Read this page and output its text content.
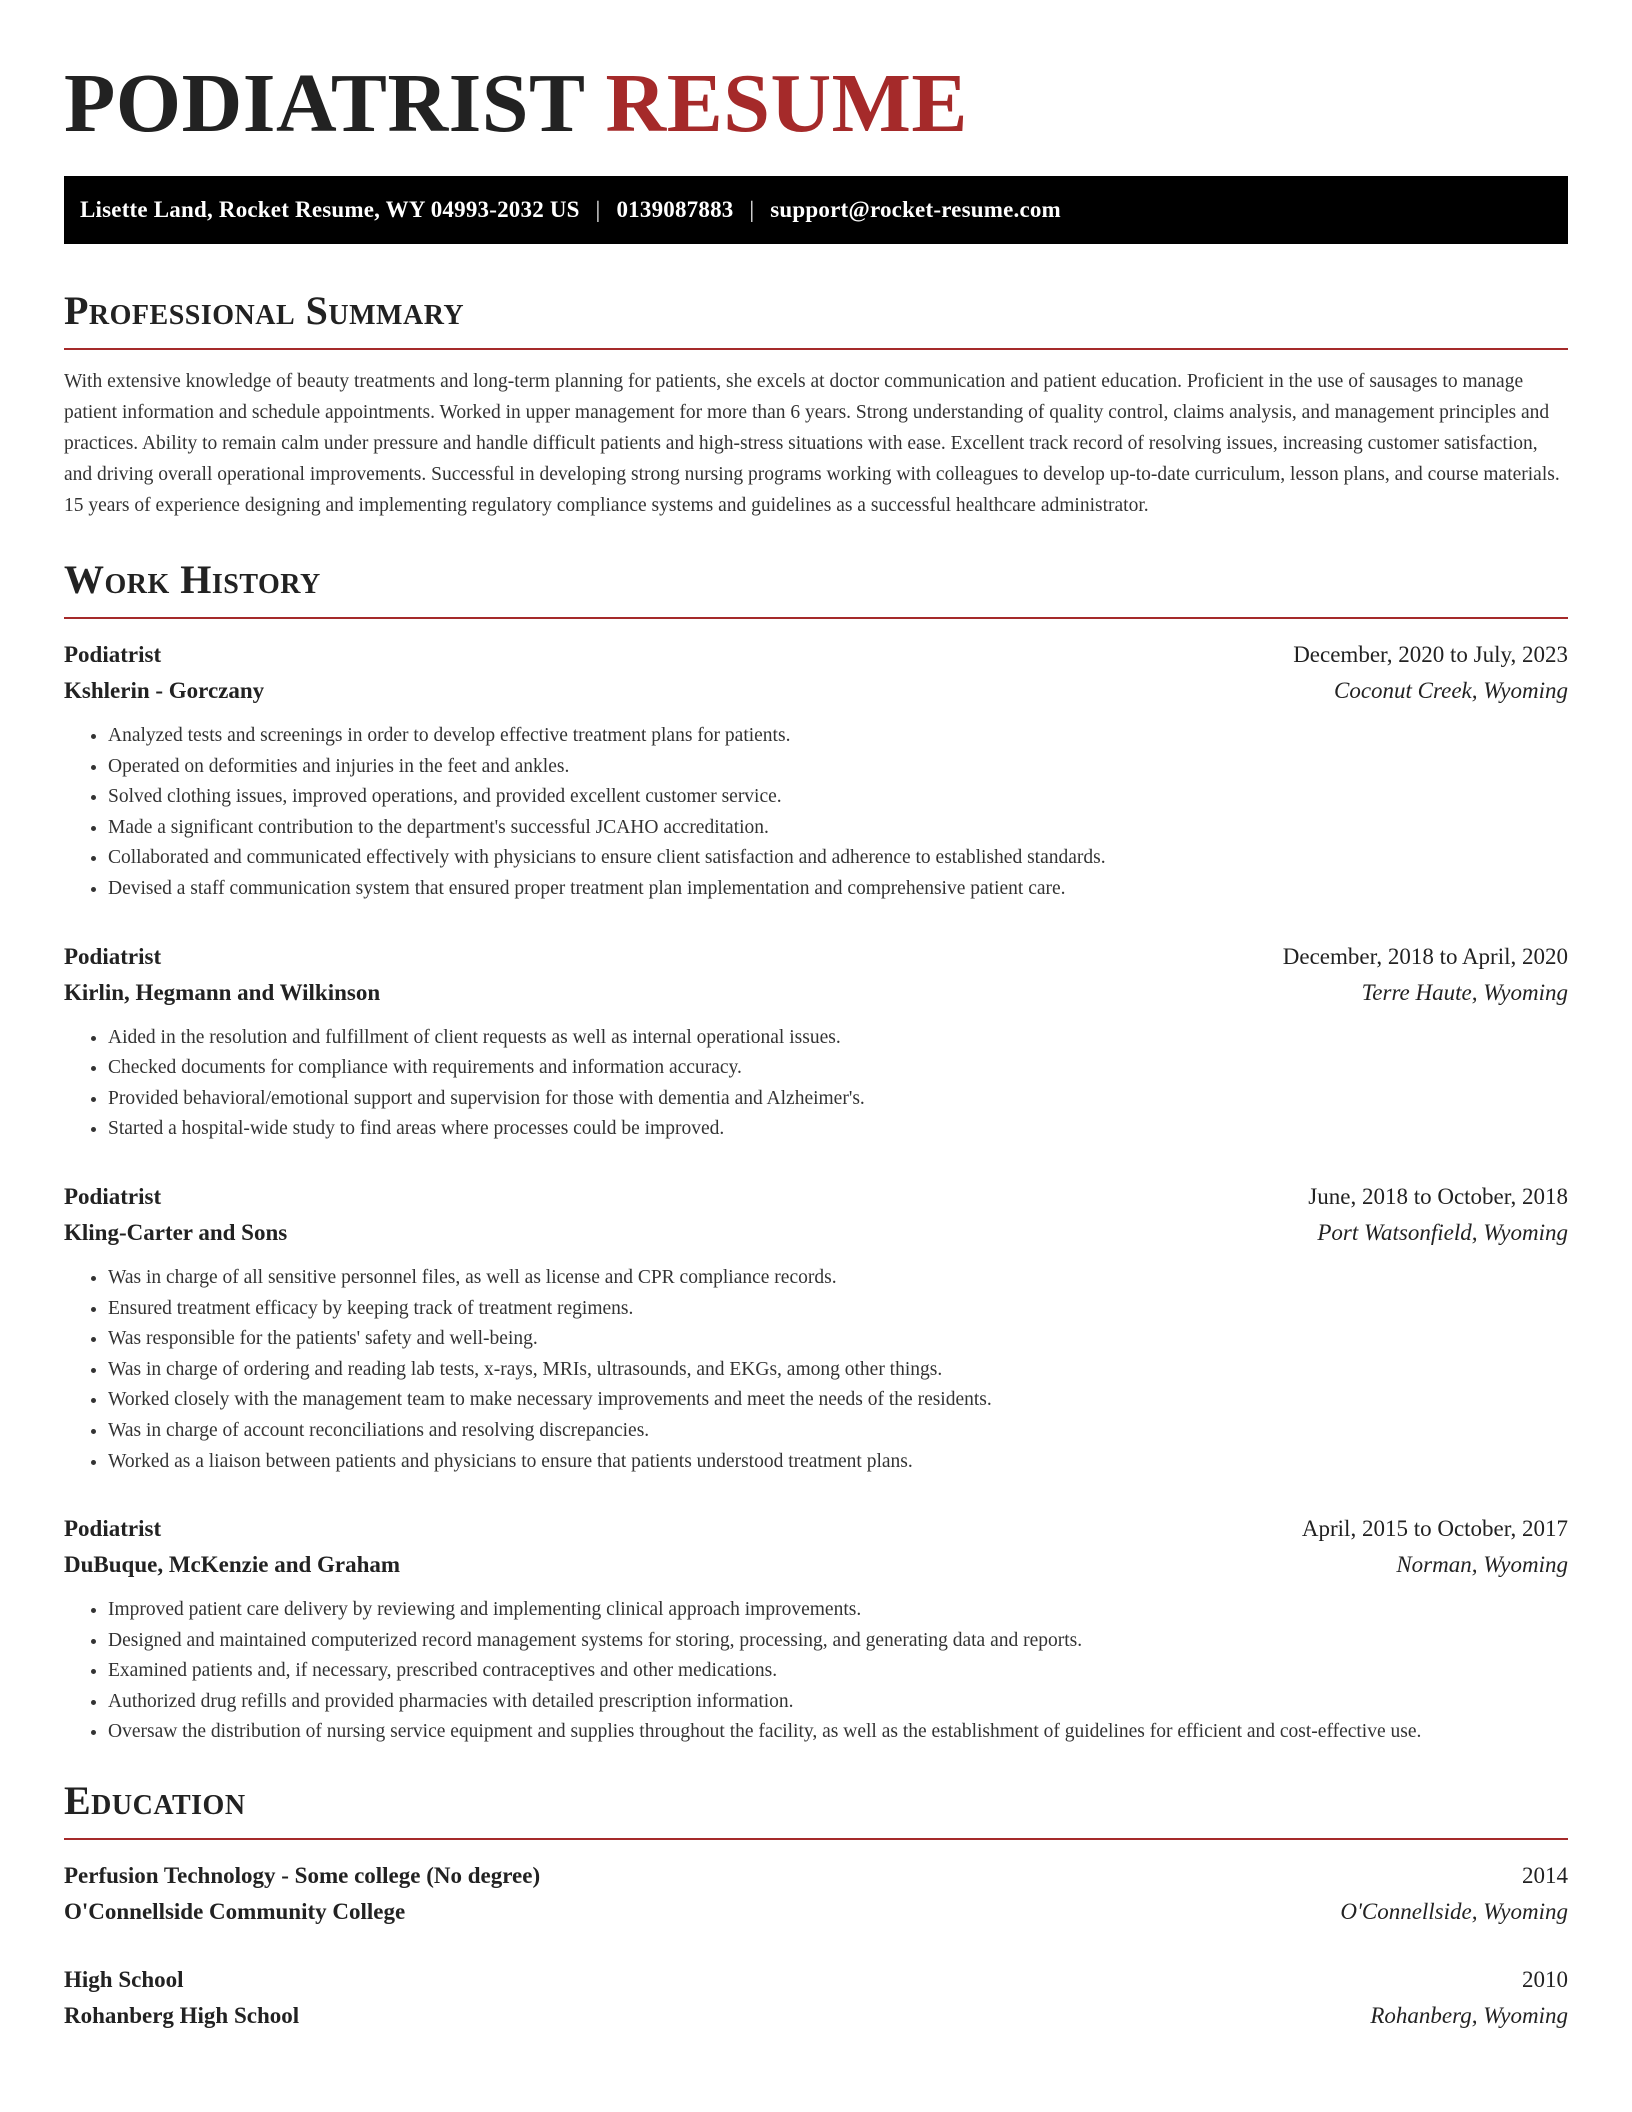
PODIATRIST RESUME
Lisette Land, Rocket Resume, WY 04993-2032 US | 0139087883 | support@rocket-resume.com
Professional Summary

With extensive knowledge of beauty treatments and long-term planning for patients, she excels at doctor communication and patient education. Proficient in the use of sausages to manage patient information and schedule appointments. Worked in upper management for more than 6 years. Strong understanding of quality control, claims analysis, and management principles and practices. Ability to remain calm under pressure and handle difficult patients and high-stress situations with ease. Excellent track record of resolving issues, increasing customer satisfaction, and driving overall operational improvements. Successful in developing strong nursing programs working with colleagues to develop up-to-date curriculum, lesson plans, and course materials. 15 years of experience designing and implementing regulatory compliance systems and guidelines as a successful healthcare administrator.

Work History
Podiatrist	December, 2020 to July, 2023
Kshlerin - Gorczany	Coconut Creek, Wyoming
• Analyzed tests and screenings in order to develop effective treatment plans for patients.
• Operated on deformities and injuries in the feet and ankles.
• Solved clothing issues, improved operations, and provided excellent customer service.
• Made a significant contribution to the department's successful JCAHO accreditation.
• Collaborated and communicated effectively with physicians to ensure client satisfaction and adherence to established standards.
• Devised a staff communication system that ensured proper treatment plan implementation and comprehensive patient care.
Podiatrist	December, 2018 to April, 2020
Kirlin, Hegmann and Wilkinson	Terre Haute, Wyoming
• Aided in the resolution and fulfillment of client requests as well as internal operational issues.
• Checked documents for compliance with requirements and information accuracy.
• Provided behavioral/emotional support and supervision for those with dementia and Alzheimer's.
• Started a hospital-wide study to find areas where processes could be improved.
Podiatrist	June, 2018 to October, 2018
Kling-Carter and Sons	Port Watsonfield, Wyoming
• Was in charge of all sensitive personnel files, as well as license and CPR compliance records.
• Ensured treatment efficacy by keeping track of treatment regimens.
• Was responsible for the patients' safety and well-being.
• Was in charge of ordering and reading lab tests, x-rays, MRIs, ultrasounds, and EKGs, among other things.
• Worked closely with the management team to make necessary improvements and meet the needs of the residents.
• Was in charge of account reconciliations and resolving discrepancies.
• Worked as a liaison between patients and physicians to ensure that patients understood treatment plans.
Podiatrist	April, 2015 to October, 2017
DuBuque, McKenzie and Graham	Norman, Wyoming
• Improved patient care delivery by reviewing and implementing clinical approach improvements.
• Designed and maintained computerized record management systems for storing, processing, and generating data and reports.
• Examined patients and, if necessary, prescribed contraceptives and other medications.
• Authorized drug refills and provided pharmacies with detailed prescription information.
• Oversaw the distribution of nursing service equipment and supplies throughout the facility, as well as the establishment of guidelines for efficient and cost-effective use.
Education
Perfusion Technology - Some college (No degree)	2014
O'Connellside Community College	O'Connellside, Wyoming
High School	2010
Rohanberg High School	Rohanberg, Wyoming
